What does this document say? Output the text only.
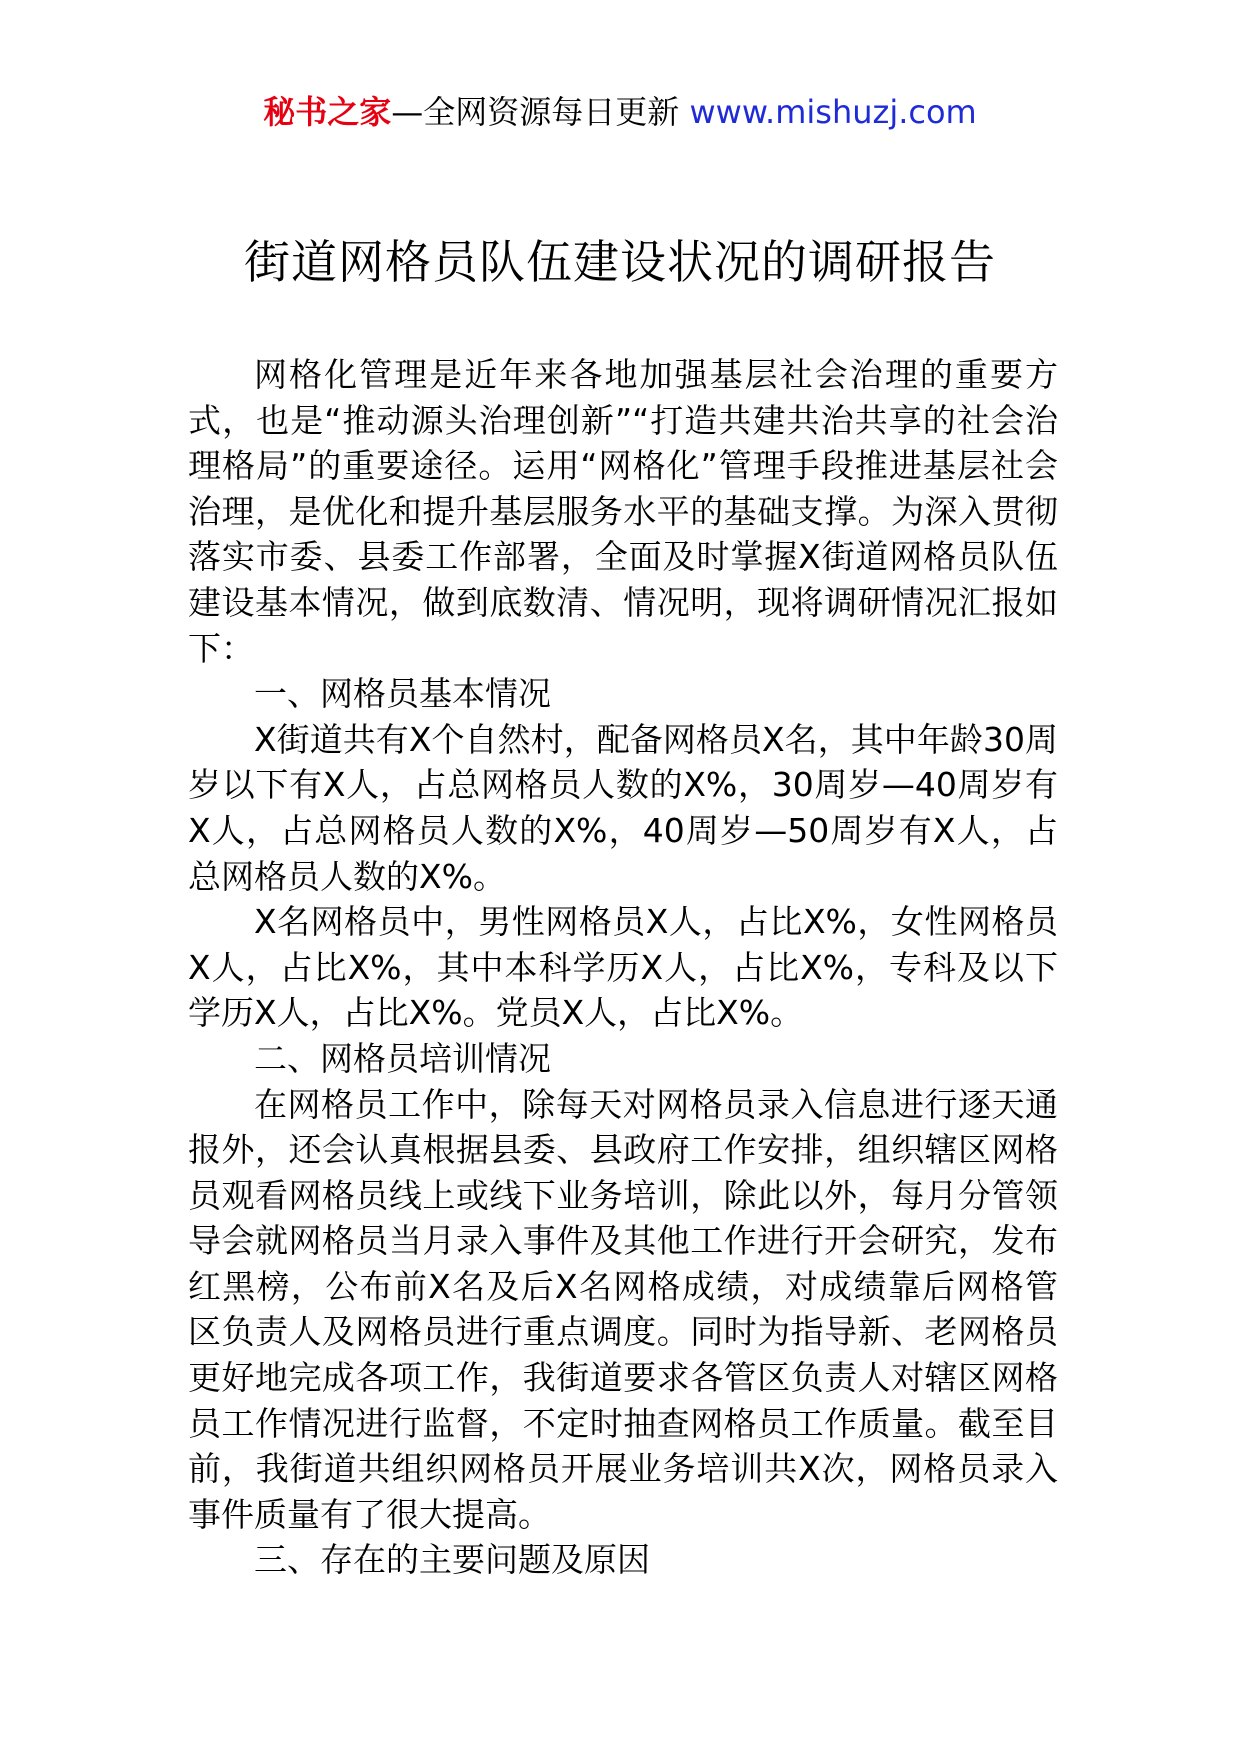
秘书之家—全网资源每日更新 www.mishuzj.com
街道网格员队伍建设状况的调研报告

网格化管理是近年来各地加强基层社会治理的重要方式，也是“推动源头治理创新”“打造共建共治共享的社会治理格局”的重要途径。运用“网格化”管理手段推进基层社会治理，是优化和提升基层服务水平的基础支撑。为深入贯彻落实市委、县委工作部署，全面及时掌握X街道网格员队伍建设基本情况，做到底数清、情况明，现将调研情况汇报如下：

一、网格员基本情况

X街道共有X个自然村，配备网格员X名，其中年龄30周岁以下有X人，占总网格员人数的X%，30周岁—40周岁有X人，占总网格员人数的X%，40周岁—50周岁有X人，占总网格员人数的X%。

X名网格员中，男性网格员X人，占比X%，女性网格员X人，占比X%，其中本科学历X人，占比X%，专科及以下学历X人，占比X%。党员X人，占比X%。

二、网格员培训情况

在网格员工作中，除每天对网格员录入信息进行逐天通报外，还会认真根据县委、县政府工作安排，组织辖区网格员观看网格员线上或线下业务培训，除此以外，每月分管领导会就网格员当月录入事件及其他工作进行开会研究，发布红黑榜，公布前X名及后X名网格成绩，对成绩靠后网格管区负责人及网格员进行重点调度。同时为指导新、老网格员更好地完成各项工作，我街道要求各管区负责人对辖区网格员工作情况进行监督，不定时抽查网格员工作质量。截至目前，我街道共组织网格员开展业务培训共X次，网格员录入事件质量有了很大提高。

三、存在的主要问题及原因
